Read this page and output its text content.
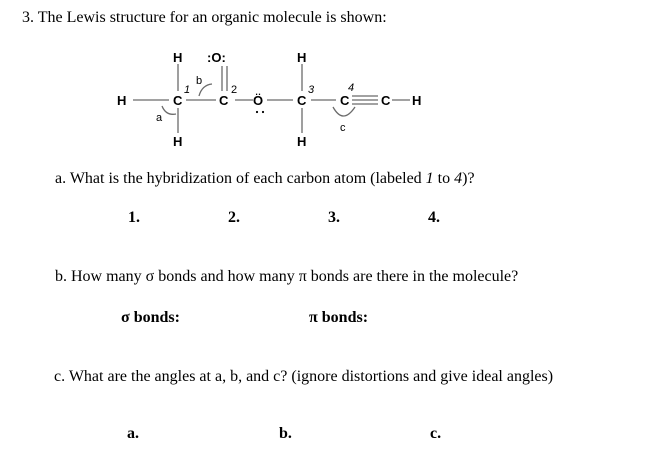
3. The Lewis structure for an organic molecule is shown:
H	C
H
H
C
:O:
Ö	C
H
H
C C H
1	2	3	4
a
b
c
a. What is the hybridization of each carbon atom (labeled 1 to 4)?
1.	2.	3.	4.
b. How many σ bonds and how many π bonds are there in the molecule?
σ bonds:	π bonds:
c. What are the angles at a, b, and c? (ignore distortions and give ideal angles)
a.	b.	c.
